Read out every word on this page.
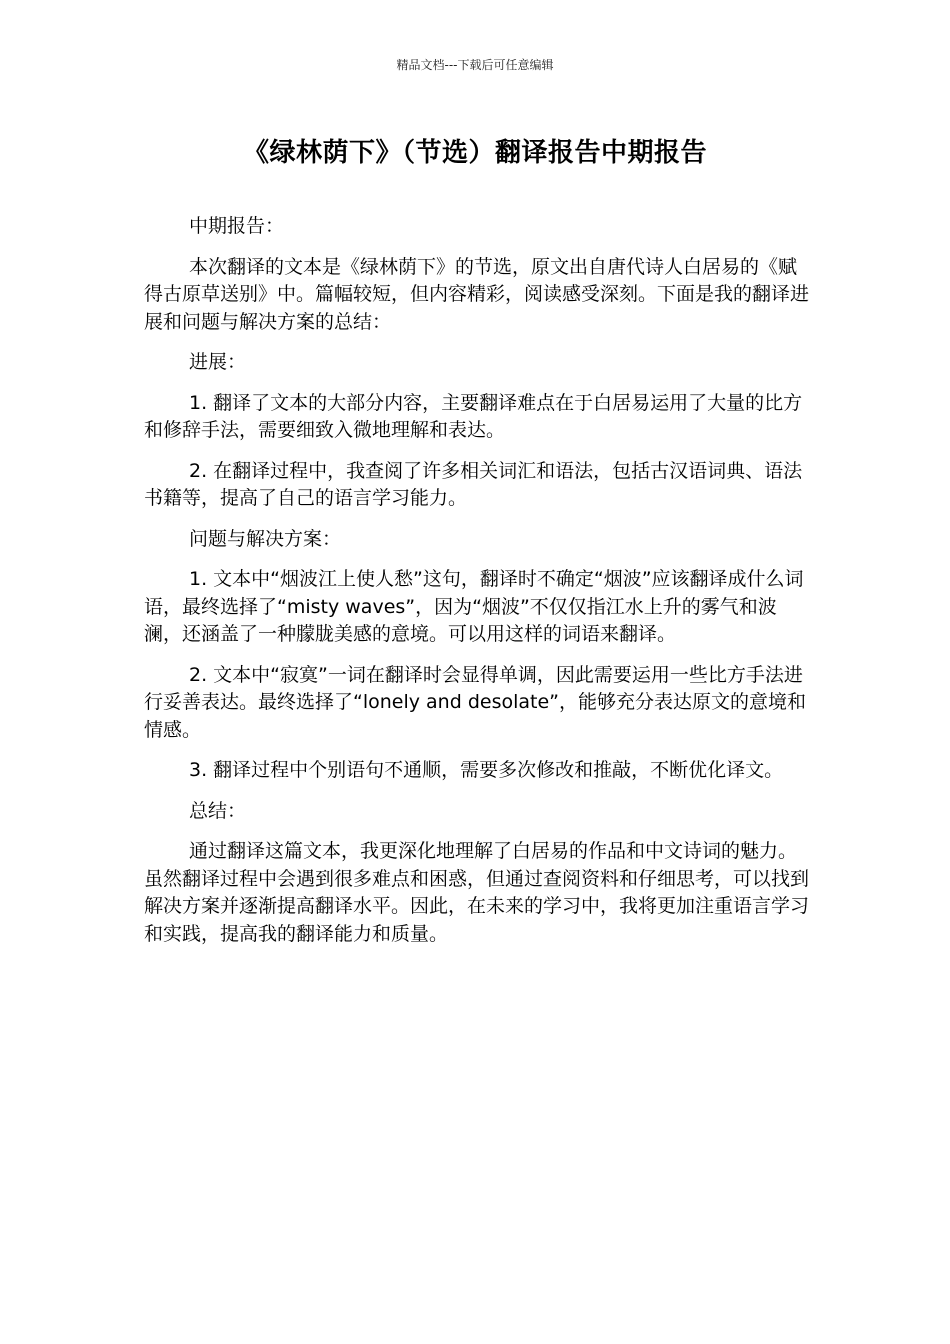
精品文档---下载后可任意编辑
《绿林荫下》（节选）翻译报告中期报告

中期报告：

本次翻译的文本是《绿林荫下》的节选，原文出自唐代诗人白居易的《赋得古原草送别》中。篇幅较短，但内容精彩，阅读感受深刻。下面是我的翻译进展和问题与解决方案的总结：

进展：

1. 翻译了文本的大部分内容，主要翻译难点在于白居易运用了大量的比方和修辞手法，需要细致入微地理解和表达。

2. 在翻译过程中，我查阅了许多相关词汇和语法，包括古汉语词典、语法书籍等，提高了自己的语言学习能力。

问题与解决方案：

1. 文本中“烟波江上使人愁”这句，翻译时不确定“烟波”应该翻译成什么词语，最终选择了“misty waves”，因为“烟波”不仅仅指江水上升的雾气和波澜，还涵盖了一种朦胧美感的意境。可以用这样的词语来翻译。

2. 文本中“寂寞”一词在翻译时会显得单调，因此需要运用一些比方手法进行妥善表达。最终选择了“lonely and desolate”，能够充分表达原文的意境和情感。

3. 翻译过程中个别语句不通顺，需要多次修改和推敲，不断优化译文。

总结：

通过翻译这篇文本，我更深化地理解了白居易的作品和中文诗词的魅力。虽然翻译过程中会遇到很多难点和困惑，但通过查阅资料和仔细思考，可以找到解决方案并逐渐提高翻译水平。因此，在未来的学习中，我将更加注重语言学习和实践，提高我的翻译能力和质量。
